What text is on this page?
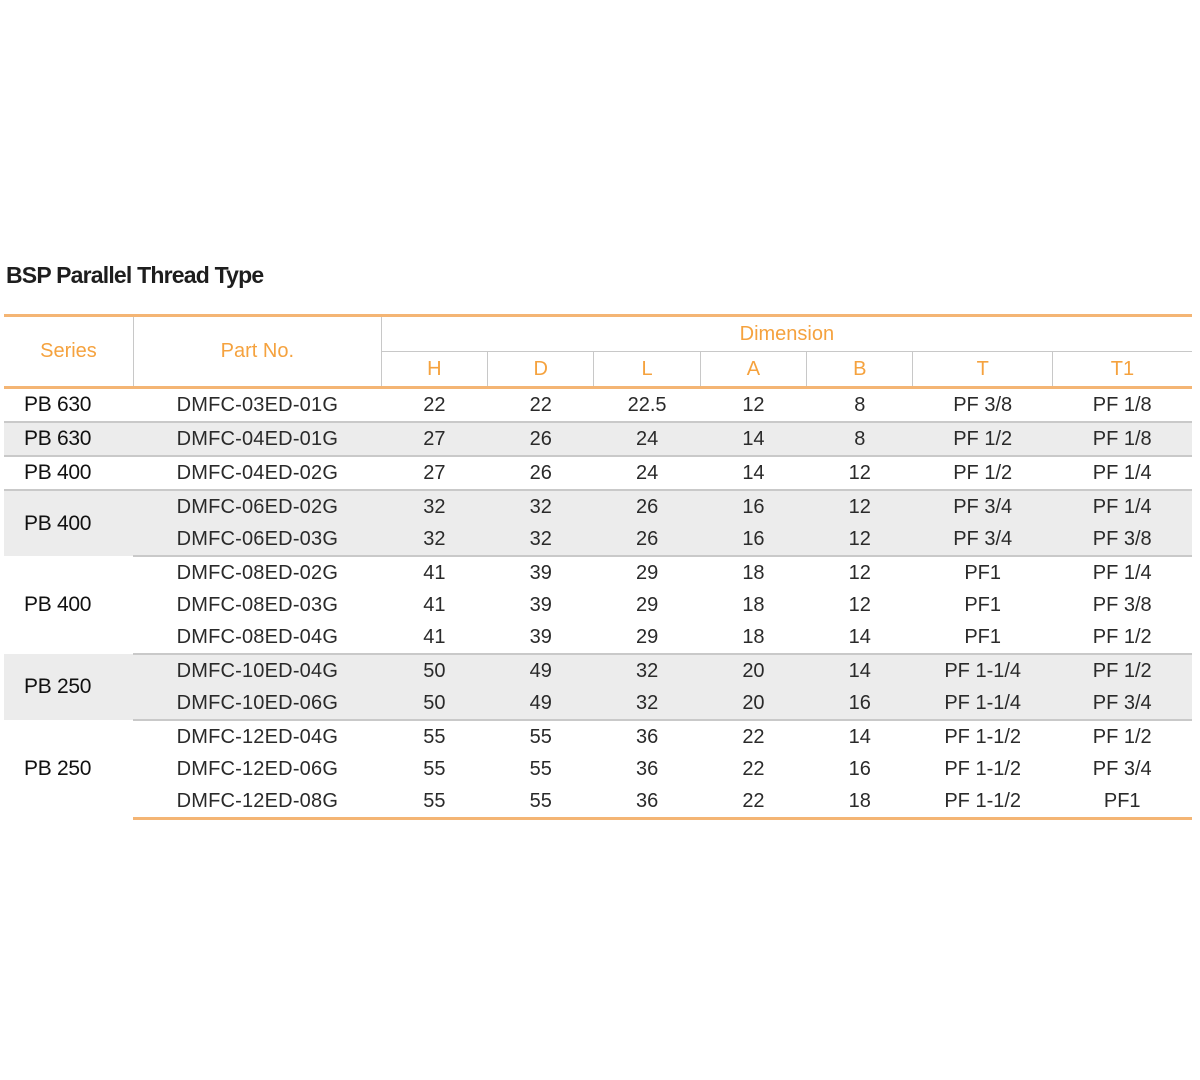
BSP Parallel Thread Type
Series	Part No.	Dimension						
		H	D	L	A	B	T	T1
PB 630	DMFC-03ED-01G	22	22	22.5	12	8	PF 3/8	PF 1/8
PB 630	DMFC-04ED-01G	27	26	24	14	8	PF 1/2	PF 1/8
PB 400	DMFC-04ED-02G	27	26	24	14	12	PF 1/2	PF 1/4
PB 400	DMFC-06ED-02G	32	32	26	16	12	PF 3/4	PF 1/4
	DMFC-06ED-03G	32	32	26	16	12	PF 3/4	PF 3/8
PB 400	DMFC-08ED-02G	41	39	29	18	12	PF1	PF 1/4
	DMFC-08ED-03G	41	39	29	18	12	PF1	PF 3/8
	DMFC-08ED-04G	41	39	29	18	14	PF1	PF 1/2
PB 250	DMFC-10ED-04G	50	49	32	20	14	PF 1-1/4	PF 1/2
	DMFC-10ED-06G	50	49	32	20	16	PF 1-1/4	PF 3/4
PB 250	DMFC-12ED-04G	55	55	36	22	14	PF 1-1/2	PF 1/2
	DMFC-12ED-06G	55	55	36	22	16	PF 1-1/2	PF 3/4
	DMFC-12ED-08G	55	55	36	22	18	PF 1-1/2	PF1
